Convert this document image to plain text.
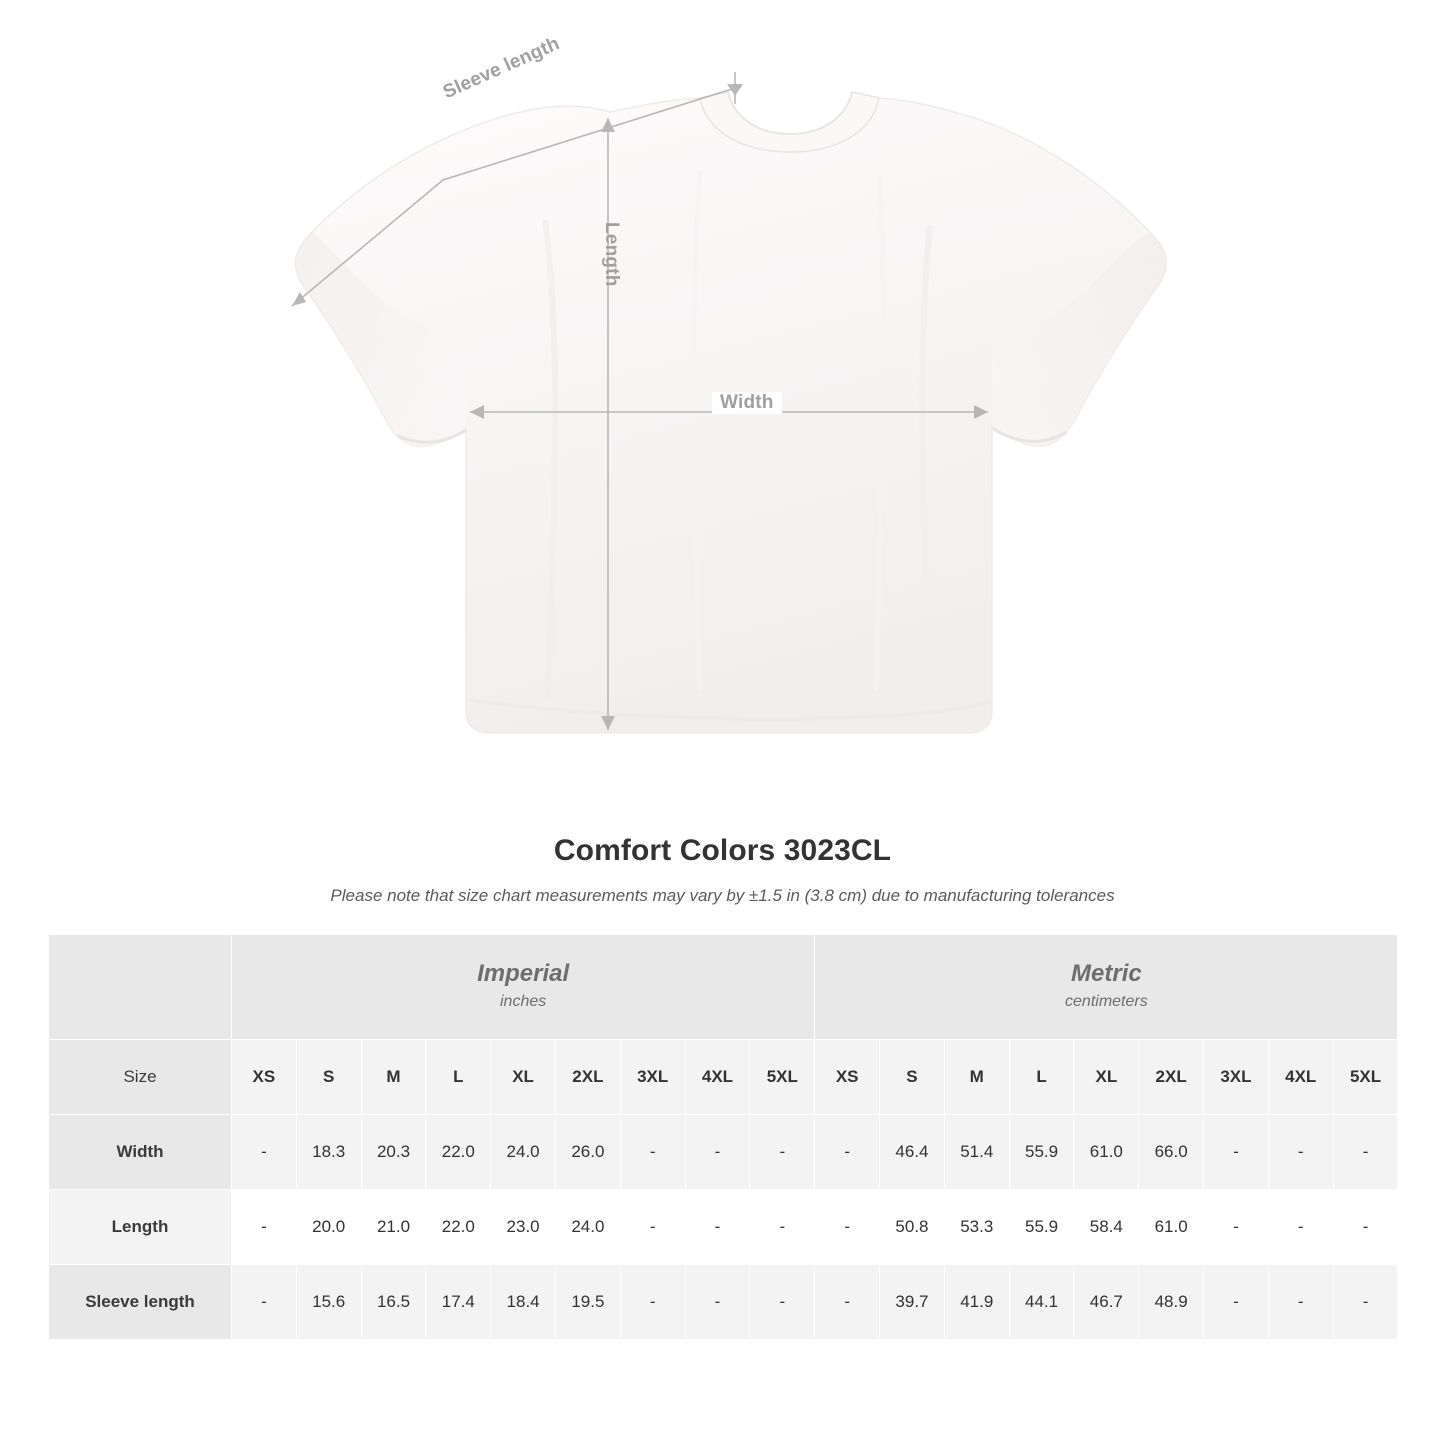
Sleeve length
Length
Width
Comfort Colors 3023CL

Please note that size chart measurements may vary by ±1.5 in (3.8 cm) due to manufacturing tolerances

Imperial
inches

Metric
centimeters

Size	XS	S	M	L	XL	2XL	3XL	4XL	5XL	XS	S	M	L	XL	2XL	3XL	4XL	5XL
Width	-	18.3	20.3	22.0	24.0	26.0	-	-	-	-	46.4	51.4	55.9	61.0	66.0	-	-	-
Length	-	20.0	21.0	22.0	23.0	24.0	-	-	-	-	50.8	53.3	55.9	58.4	61.0	-	-	-
Sleeve length	-	15.6	16.5	17.4	18.4	19.5	-	-	-	-	39.7	41.9	44.1	46.7	48.9	-	-	-
